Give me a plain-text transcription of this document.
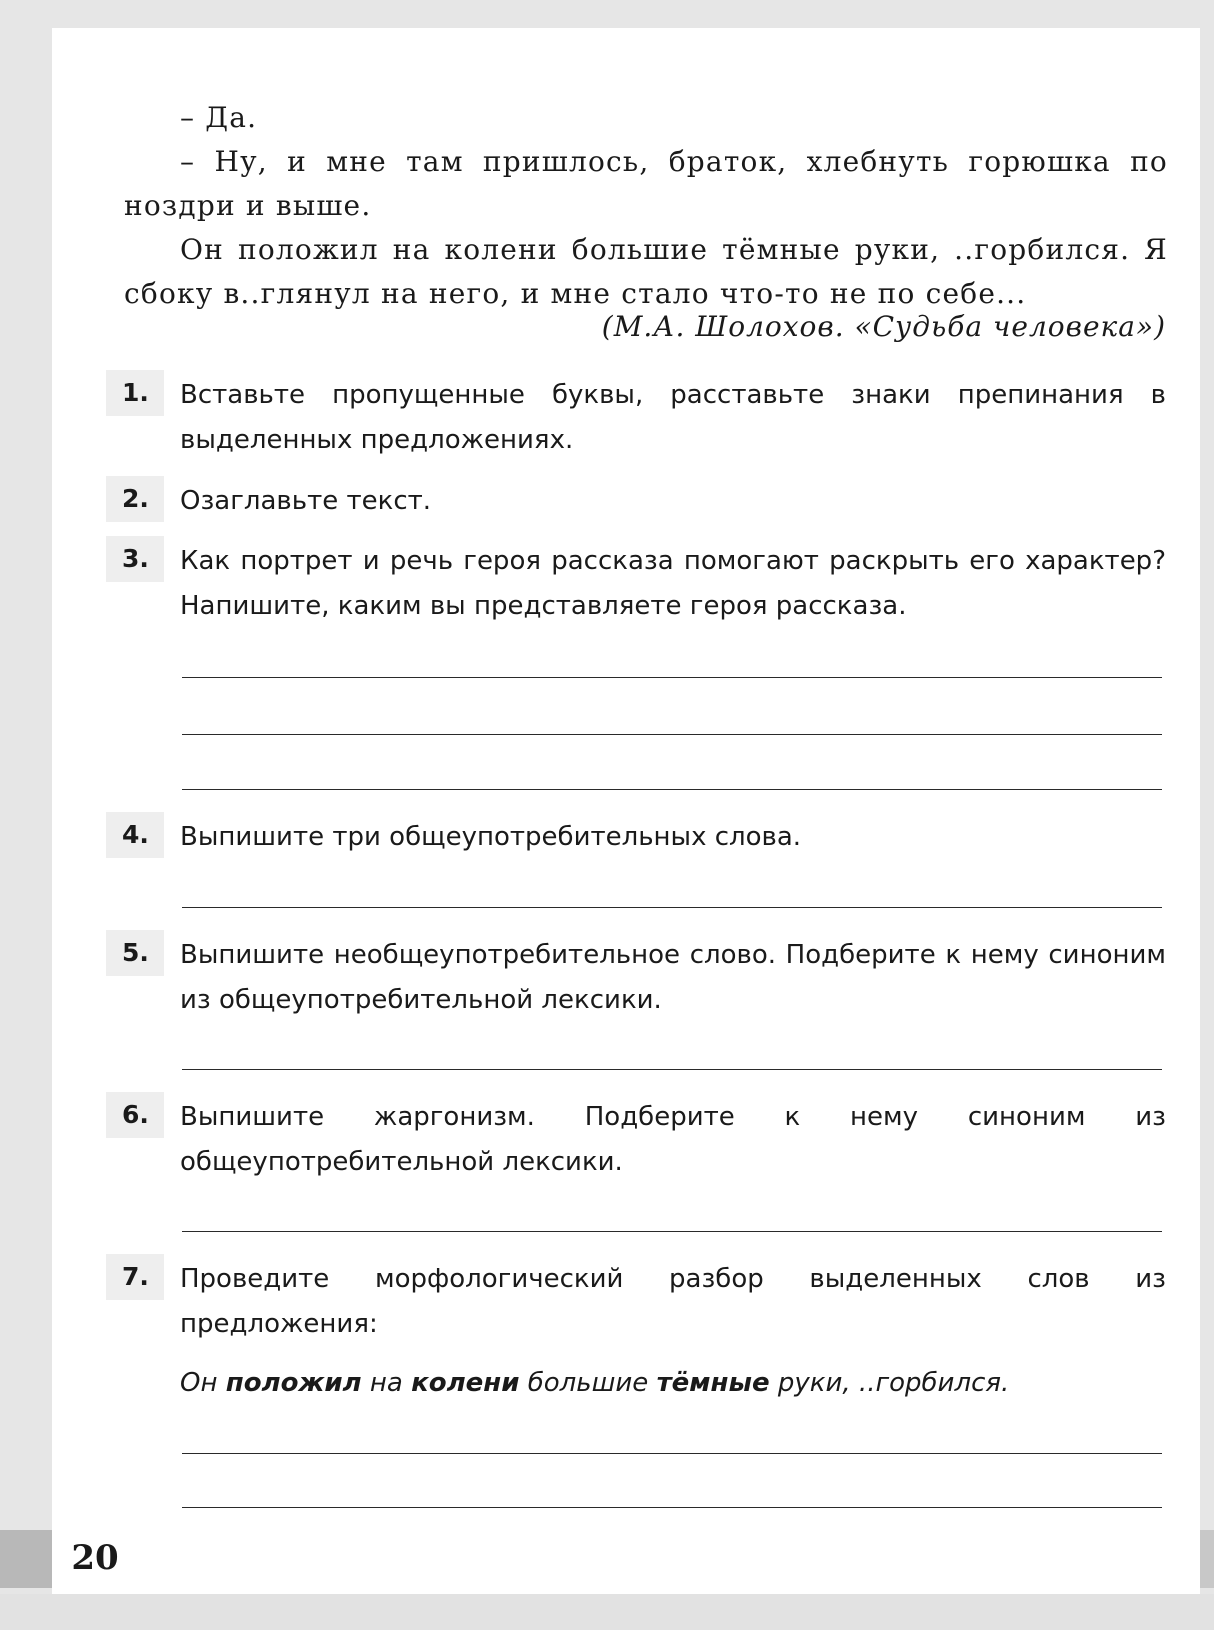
– Да.

– Ну, и мне там пришлось, браток, хлебнуть горюшка по ноздри и выше.

Он положил на колени большие тёмные руки, ..горбился. Я сбоку в..глянул на него, и мне стало что-то не по себе...

(М.А. Шолохов. «Судьба человека»)
1.	Вставьте пропущенные буквы, расставьте знаки препинания в выделенных предложениях.

2.	Озаглавьте текст.

3.	Как портрет и речь героя рассказа помогают раскрыть его характер? Напишите, каким вы представляете героя рассказа.

4.	Выпишите три общеупотребительных слова.

5.	Выпишите необщеупотребительное слово. Подберите к нему синоним из общеупотребительной лексики.

6.	Выпишите жаргонизм. Подберите к нему синоним из общеупотребительной лексики.

7.	Проведите морфологический разбор выделенных слов из предложения:

Он положил на колени большие тёмные руки, ..горбился.

20
